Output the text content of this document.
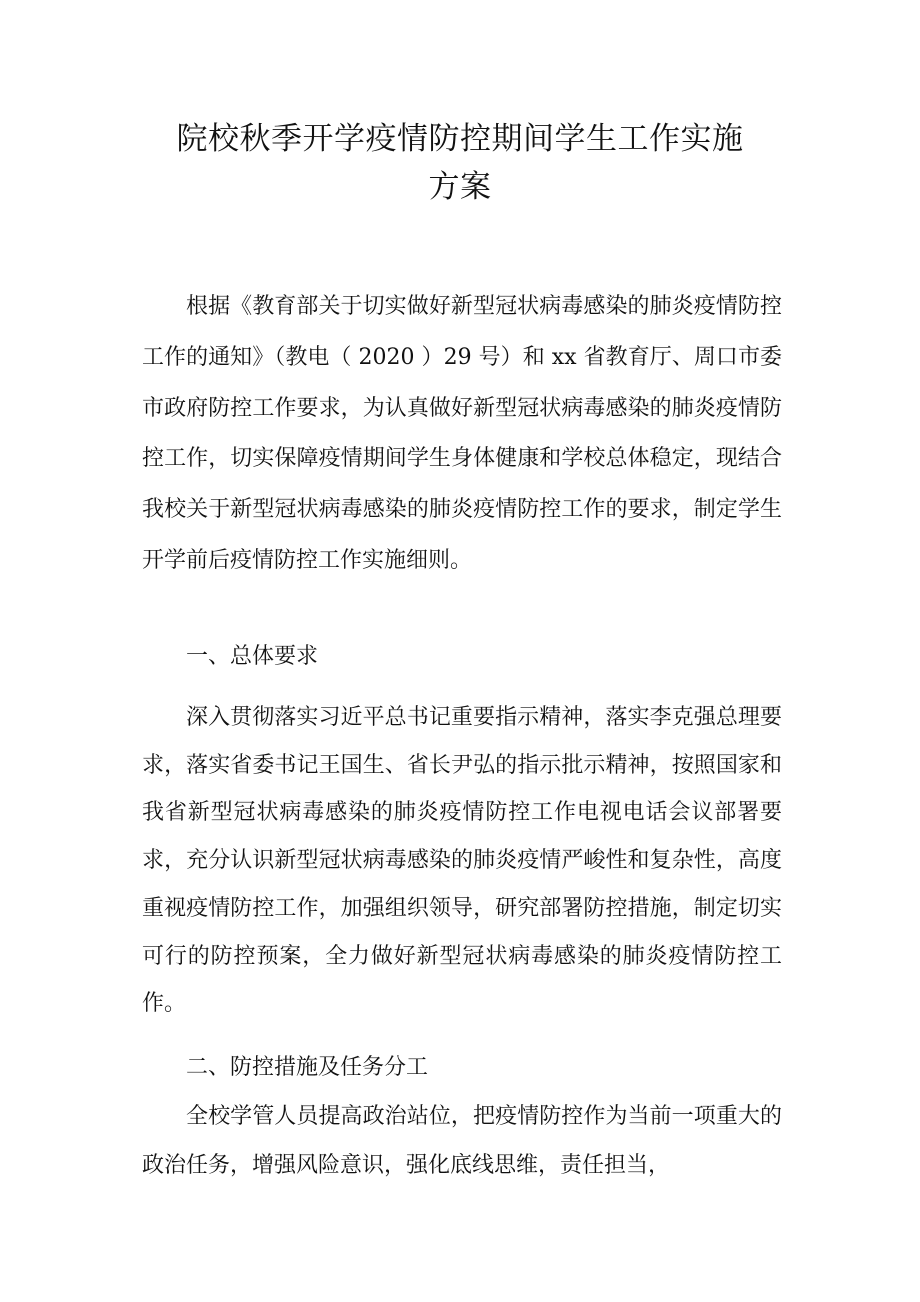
院校秋季开学疫情防控期间学生工作实施
方案

根据《教育部关于切实做好新型冠状病毒感染的肺炎疫情防控工作的通知》（教电（ 2020 ）29 号）和 xx 省教育厅、周口市委市政府防控工作要求，为认真做好新型冠状病毒感染的肺炎疫情防控工作，切实保障疫情期间学生身体健康和学校总体稳定，现结合我校关于新型冠状病毒感染的肺炎疫情防控工作的要求，制定学生开学前后疫情防控工作实施细则。

一、总体要求

深入贯彻落实习近平总书记重要指示精神，落实李克强总理要求，落实省委书记王国生、省长尹弘的指示批示精神，按照国家和我省新型冠状病毒感染的肺炎疫情防控工作电视电话会议部署要求，充分认识新型冠状病毒感染的肺炎疫情严峻性和复杂性，高度重视疫情防控工作，加强组织领导，研究部署防控措施，制定切实可行的防控预案，全力做好新型冠状病毒感染的肺炎疫情防控工作。

二、防控措施及任务分工

全校学管人员提高政治站位，把疫情防控作为当前一项重大的政治任务，增强风险意识，强化底线思维，责任担当，
